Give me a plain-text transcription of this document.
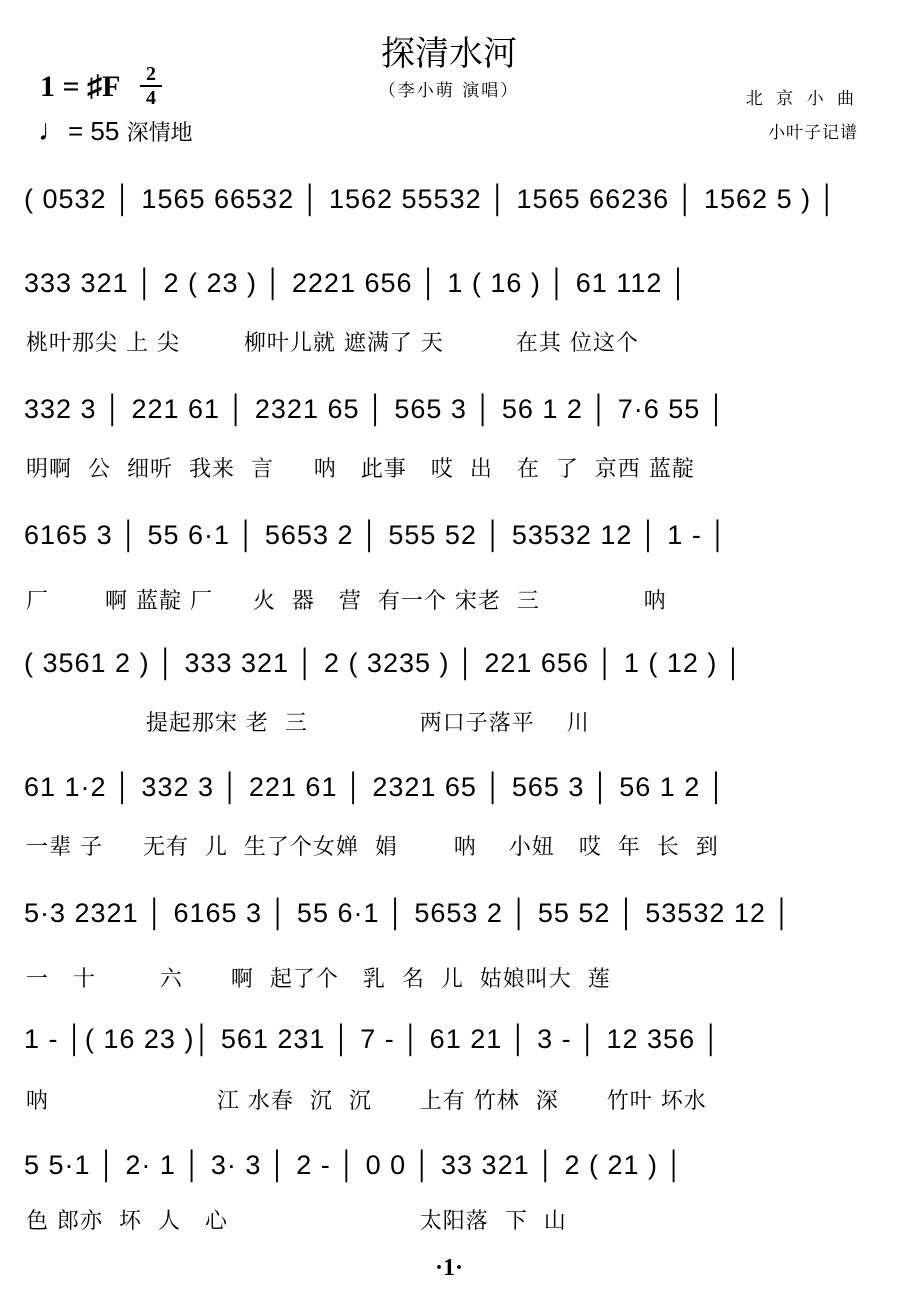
探清水河
（李小萌 演唱）
1 = ♯F	2
4
♩= 55 深情地
北 京 小 曲
小叶子记谱
( 0532 │ 1565 66532 │ 1562 55532 │ 1565 66236 │ 1562 5 ) │
333 321 │ 2 ( 23 ) │ 2221 656 │ 1 ( 16 ) │ 61 112 │
桃叶那尖 上 尖        柳叶儿就 遮满了 天         在其 位这个
332 3 │ 221 61 │ 2321 65 │ 565 3 │ 56 1 2 │ 7·6 55 │
明啊  公  细听  我来  言     呐   此事   哎  出   在  了  京西 蓝靛
6165 3 │ 55 6·1 │ 5653 2 │ 555 52 │ 53532 12 │ 1 - │
厂       啊 蓝靛 厂     火  器   营  有一个 宋老  三             呐
( 3561 2 ) │ 333 321 │ 2 ( 3235 ) │ 221 656 │ 1 ( 12 ) │
提起那宋 老  三              两口子落平    川
61 1·2 │ 332 3 │ 221 61 │ 2321 65 │ 565 3 │ 56 1 2 │
一辈 子     无有  儿  生了个女婵  娟       呐    小妞   哎  年  长  到
5·3 2321 │ 6165 3 │ 55 6·1 │ 5653 2 │ 55 52 │ 53532 12 │
一   十        六      啊  起了个   乳  名  儿  姑娘叫大  莲
1 - │( 16 23 )│ 561 231 │ 7 - │ 61 21 │ 3 - │ 12 356 │
呐                     江 水春  沉  沉      上有 竹林  深      竹叶 坏水
5 5·1 │ 2· 1 │ 3· 3 │ 2 - │ 0 0 │ 33 321 │ 2 ( 21 ) │
色 郎亦  坏  人   心                        太阳落  下  山
·1·
